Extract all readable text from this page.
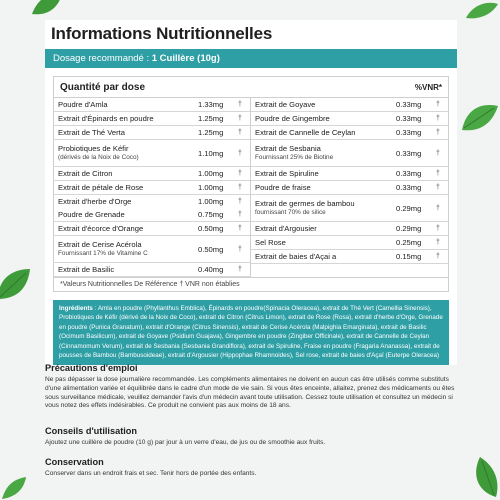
Informations Nutritionnelles
Dosage recommandé : 1 Cuillère (10g)
Quantité par dose	%VNR*
Poudre d'Amla	1.33mg	†
Extrait d'Épinards en poudre	1.25mg	†
Extrait de Thé Verta	1.25mg	†
Probiotiques de Kéfir
(dérivés de la Noix de Coco)	1.10mg	†
Extrait de Citron	1.00mg	†
Extrait de pétale de Rose	1.00mg	†
Extrait d'herbe d'Orge	1.00mg	†
Poudre de Grenade	0.75mg	†
Extrait d'écorce d'Orange	0.50mg	†
Extrait de Cerise Acérola
Fournissant 17% de Vitamine C	0.50mg	†
Extrait de Basilic	0.40mg	†
Extrait de Goyave	0.33mg	†
Poudre de Gingembre	0.33mg	†
Extrait de Cannelle de Ceylan	0.33mg	†
Extrait de Sesbania
Fournissant 25% de Biotine	0.33mg	†
Extrait de Spiruline	0.33mg	†
Poudre de fraise	0.33mg	†
Extrait de germes de bambou
fournissant 70% de silice	0.29mg	†
Extrait d'Argousier	0.29mg	†
Sel Rose	0.25mg	†
Extrait de baies d'Açai a	0.15mg	†
*Valeurs Nutritionnelles De Référence † VNR non établies
Ingrédients : Amla en poudre (Phyllanthus Emblica), Épinards en poudre(Spinacia Oleracea), extrait de Thé Vert (Camellia Sinensis), Probiotiques de Kéfir (dérivé de la Noix de Coco), extrait de Citron (Citrus Limon), extrait de Rose (Rosa), extrait d'herbe d'Orge, Grenade en poudre (Punica Granatum), extrait d'Orange (Citrus Sinensis), extrait de Cerise Acérola (Malpighia Emarginata), extrait de Basilic (Ocimum Basilicum), extrait de Goyave (Psidium Guajava), Gingembre en poudre (Zingiber Officinale), extrait de Cannelle de Ceylan (Cinnamomum Verum), extrait de Sesbania (Sesbania Grandiflora), extrait de Spiruline, Fraise en poudre (Fragaria Ananassa), extrait de pousses de Bambou (Bambusoideae), extrait d'Argousier (Hippophae Rhamnoides), Sel rose, extrait de baies d'Açaï (Euterpe Oleracea)
Précautions d'emploi

Ne pas dépasser la dose journalière recommandée. Les compléments alimentaires ne doivent en aucun cas être utilisés comme substituts d'une alimentation variée et équilibrée dans le cadre d'un mode de vie sain. Si vous êtes enceinte, allaitez, prenez des médicaments ou êtes sous surveillance médicale, veuillez demander l'avis d'un médecin avant toute utilisation. Cessez toute utilisation et consultez un médecin si vous notez des effets indésirables. Ce produit ne convient pas aux moins de 18 ans.

Conseils d'utilisation

Ajoutez une cuillère de poudre (10 g) par jour à un verre d'eau, de jus ou de smoothie aux fruits.

Conservation

Conserver dans un endroit frais et sec. Tenir hors de portée des enfants.
